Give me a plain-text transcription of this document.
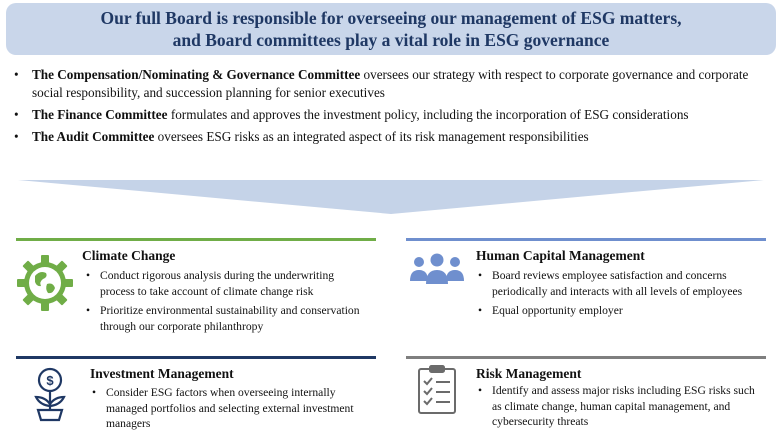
Our full Board is responsible for overseeing our management of ESG matters,
and Board committees play a vital role in ESG governance
• The Compensation/Nominating & Governance Committee oversees our strategy with respect to corporate governance and corporate social responsibility, and succession planning for senior executives
• The Finance Committee formulates and approves the investment policy, including the incorporation of ESG considerations
• The Audit Committee oversees ESG risks as an integrated aspect of its risk management responsibilities
Climate Change
• Conduct rigorous analysis during the underwriting process to take account of climate change risk
• Prioritize environmental sustainability and conservation through our corporate philanthropy
Human Capital Management
• Board reviews employee satisfaction and concerns periodically and interacts with all levels of employees
• Equal opportunity employer
$	Investment Management
• Consider ESG factors when overseeing internally managed portfolios and selecting external investment managers
Risk Management
• Identify and assess major risks including ESG risks such as climate change, human capital management, and cybersecurity threats
